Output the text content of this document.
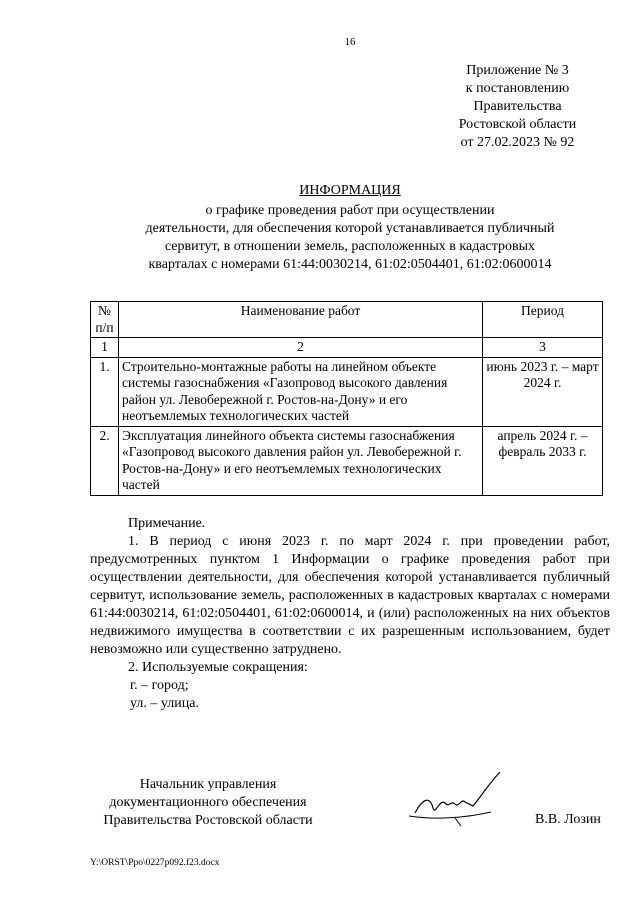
16
Приложение № 3
к постановлению
Правительства
Ростовской области
от 27.02.2023 № 92
ИНФОРМАЦИЯ
о графике проведения работ при осуществлении
деятельности, для обеспечения которой устанавливается публичный
сервитут, в отношении земель, расположенных в кадастровых
кварталах с номерами 61:44:0030214, 61:02:0504401, 61:02:0600014
№ п/п	Наименование работ	Период
1	2	3
1.	Строительно-монтажные работы на линейном объекте системы газоснабжения «Газопровод высокого давления район ул. Левобережной г. Ростов-на-Дону» и его неотъемлемых технологических частей	июнь 2023 г. – март 2024 г.
2.	Эксплуатация линейного объекта системы газоснабжения «Газопровод высокого давления район ул. Левобережной г. Ростов-на-Дону» и его неотъемлемых технологических частей	апрель 2024 г. – февраль 2033 г.

Примечание.

1. В период с июня 2023 г. по март 2024 г. при проведении работ, предусмотренных пунктом 1 Информации о графике проведения работ при осуществлении деятельности, для обеспечения которой устанавливается публичный сервитут, использование земель, расположенных в кадастровых кварталах с номерами 61:44:0030214, 61:02:0504401, 61:02:0600014, и (или) расположенных на них объектов недвижимого имущества в соответствии с их разрешенным использованием, будет невозможно или существенно затруднено.

2. Используемые сокращения:

г. – город;

ул. – улица.

Начальник управления
документационного обеспечения
Правительства Ростовской области	В.В. Лозин
Y:\ORST\Ppo\0227p092.f23.docx
